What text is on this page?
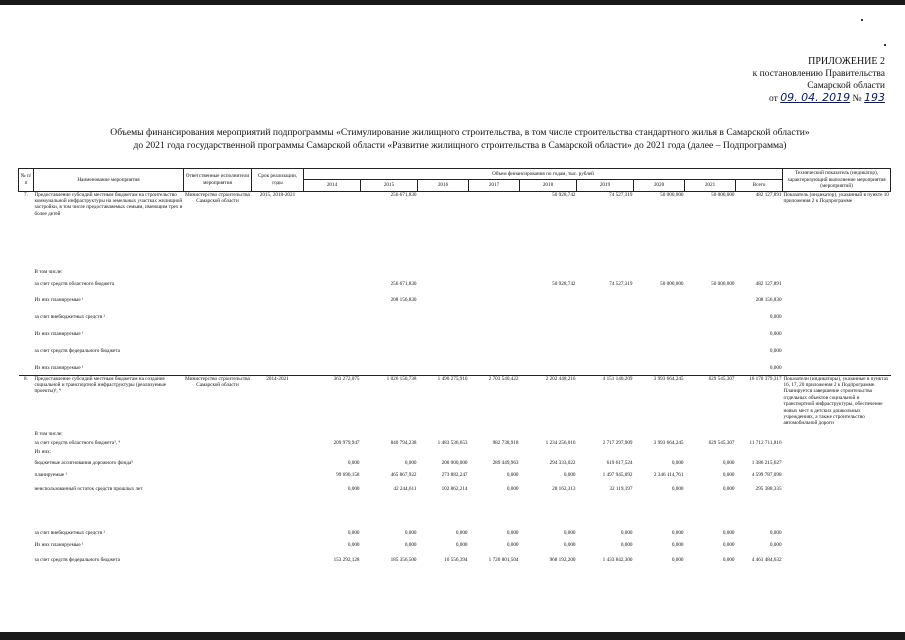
ПРИЛОЖЕНИЕ 2
к постановлению Правительства
Самарской области
от 09. 04. 2019 № 193
Объемы финансирования мероприятий подпрограммы «Стимулирование жилищного строительства, в том числе строительства стандартного жилья в Самарской области»
до 2021 года государственной программы Самарской области «Развитие жилищного строительства в Самарской области» до 2021 года (далее – Подпрограмма)
№ п/п	Наименование мероприятия	Ответственные исполнители мероприятия	Срок реализации, годы	Объем финансирования по годам, тыс. рублей									Технический показатель (индикатор), характеризующий выполнение мероприятия (мероприятий)
				2014	2015	2016	2017	2018	2019	2020	2021	Всего	
7.	Предоставление субсидий местным бюджетам на строительство коммунальной инфраструктуры на земельных участках жилищной застройки, в том числе предоставляемых семьям, имеющим трех и более детей	Министерство строительства Самарской области	2015, 2018-2021		256 671,830			50 928,742	74 527,319	50 000,000	50 000,000	482 127,891	Показатель (индикатор), указанный в пункте 10 приложения 2 к Подпрограмме
	В том числе:												
	за счет средств областного бюджета				256 671,830			50 928,742	74 527,319	50 000,000	50 000,000	482 127,891	
	Из них планируемые ¹				208 156,830							208 156,830	
	за счет внебюджетных средств ²											0,000	
	Из них планируемые ¹											0,000	
	за счет средств федерального бюджета											0,000	
	Из них планируемые ¹											0,000	
8.	Предоставление субсидий местным бюджетам на создание социальной и транспортной инфраструктуры (реализуемые проекты)³, ⁴	Министерство строительства Самарской области	2014-2021	363 272,075	1 026 150,738	1 490 275,916	2 703 540,422	2 202 448,216	4 151 140,209	3 993 664,245	629 545,307	16 170 379,317	Показатели (индикаторы), указанные в пунктах 16, 17, 20 приложения 2 к Подпрограмме. Планируется завершение строительства отдельных объектов социальной и транспортной инфраструктуры, обеспечение новых мест в детских дошкольных учреждениях, а также строительство автомобильной дороги
	В том числе:												
	за счет средств областного бюджета³, ⁴			209 979,947	840 794,238	1 483 536,653	982 738,918	1 234 256,016	2 717 297,909	3 993 664,245	629 545,307	11 712 711,816	
	Из них:												
	бюджетные ассигнования дорожного фонда⁵			0,000	0,000	200 000,000	289 449,963	294 333,022	619 617,524	0,000	0,000	1 386 215,627	
	планируемые ¹			99 690,158	465 867,922	273 882,247	0,000	0,000	1 497 945,092	2 346 114,761	0,000	4 599 787,098	
	неиспользованный остаток средств прошлых лет			0,000	42 244,611	102 862,214	0,000	28 162,313	32 119,197	0,000	0,000	295 388,335	
	за счет внебюджетных средств ²			0,000	0,000	0,000	0,000	0,000	0,000	0,000	0,000	0,000	
	Из них планируемые ¹			0,000	0,000	0,000	0,000	0,000	0,000	0,000	0,000	0,000	
	за счет средств федерального бюджета			153 292,128	185 356,500	10 556,394	1 720 801,504	968 192,200	1 433 842,300	0,000	0,000	4 461 484,632	
